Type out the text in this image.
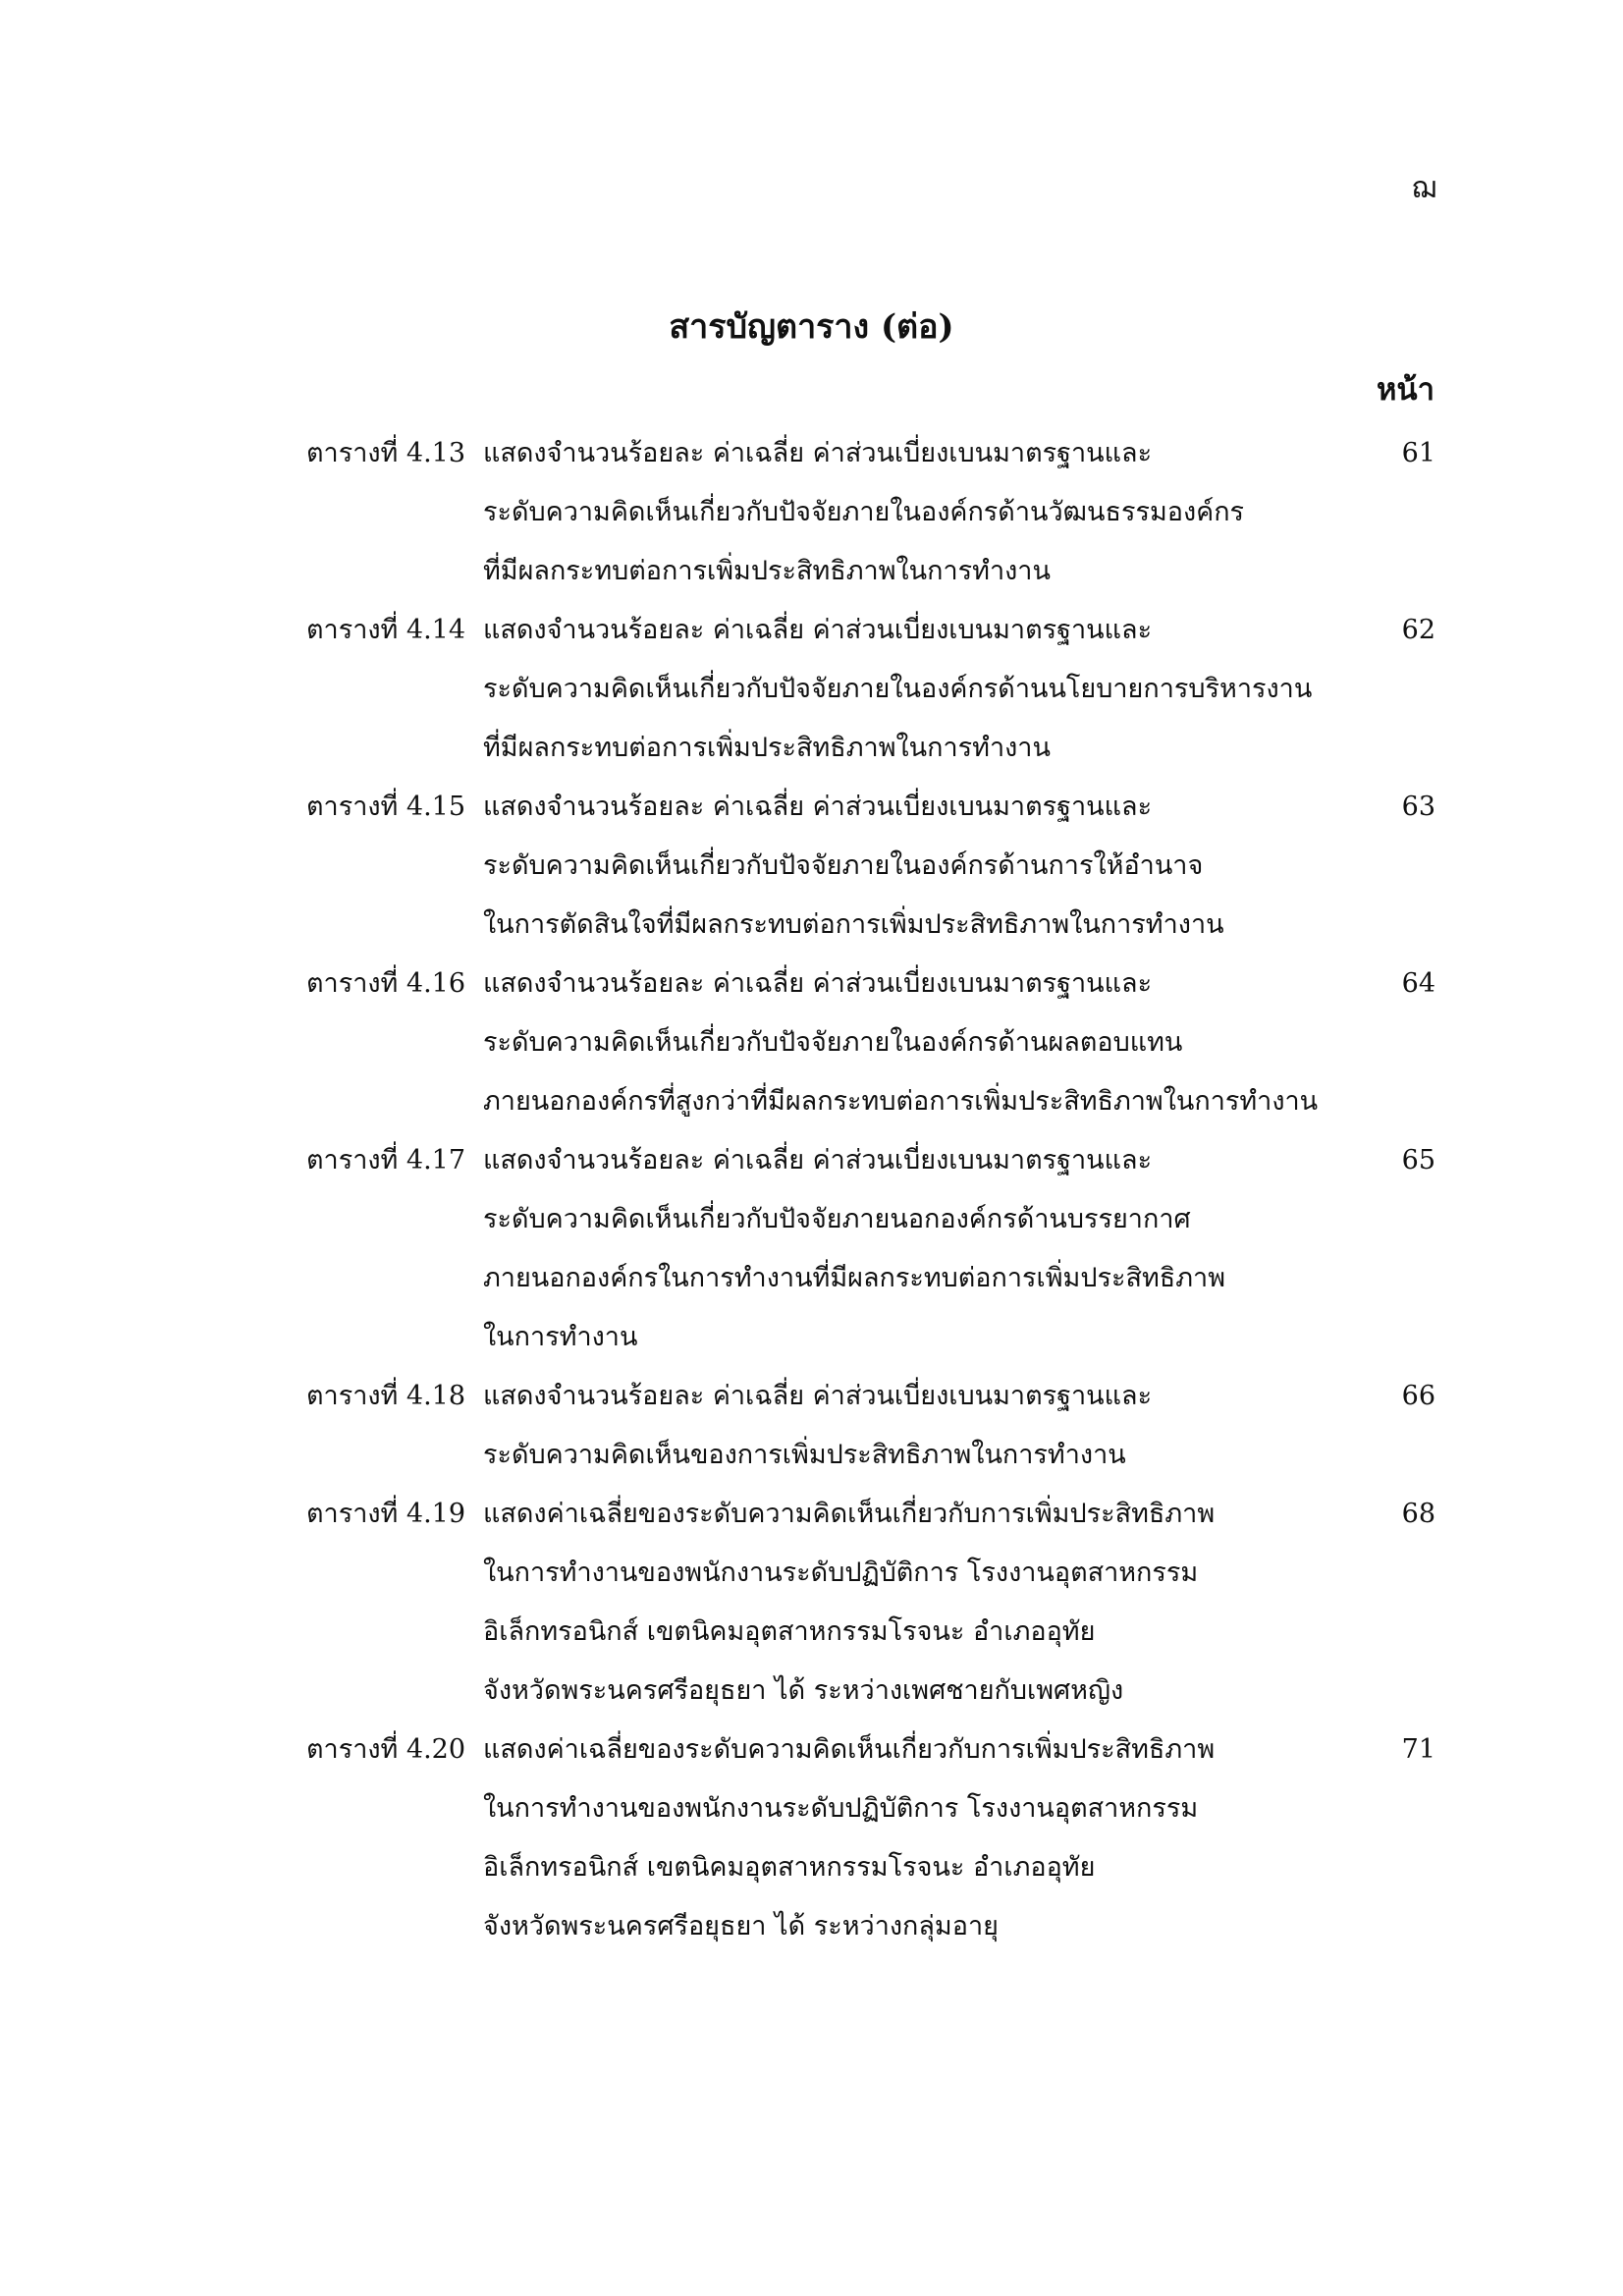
ฌ
สารบัญตาราง (ต่อ)
หน้า
ตารางที่ 4.13 แสดงจำนวนร้อยละ ค่าเฉลี่ย ค่าส่วนเบี่ยงเบนมาตรฐานและ
ระดับความคิดเห็นเกี่ยวกับปัจจัยภายในองค์กรด้านวัฒนธรรมองค์กร
ที่มีผลกระทบต่อการเพิ่มประสิทธิภาพในการทำงาน
61
ตารางที่ 4.14 แสดงจำนวนร้อยละ ค่าเฉลี่ย ค่าส่วนเบี่ยงเบนมาตรฐานและ
ระดับความคิดเห็นเกี่ยวกับปัจจัยภายในองค์กรด้านนโยบายการบริหารงาน
ที่มีผลกระทบต่อการเพิ่มประสิทธิภาพในการทำงาน
62
ตารางที่ 4.15 แสดงจำนวนร้อยละ ค่าเฉลี่ย ค่าส่วนเบี่ยงเบนมาตรฐานและ
ระดับความคิดเห็นเกี่ยวกับปัจจัยภายในองค์กรด้านการให้อำนาจ
ในการตัดสินใจที่มีผลกระทบต่อการเพิ่มประสิทธิภาพในการทำงาน
63
ตารางที่ 4.16 แสดงจำนวนร้อยละ ค่าเฉลี่ย ค่าส่วนเบี่ยงเบนมาตรฐานและ
ระดับความคิดเห็นเกี่ยวกับปัจจัยภายในองค์กรด้านผลตอบแทน
ภายนอกองค์กรที่สูงกว่าที่มีผลกระทบต่อการเพิ่มประสิทธิภาพในการทำงาน
64
ตารางที่ 4.17 แสดงจำนวนร้อยละ ค่าเฉลี่ย ค่าส่วนเบี่ยงเบนมาตรฐานและ
ระดับความคิดเห็นเกี่ยวกับปัจจัยภายนอกองค์กรด้านบรรยากาศ
ภายนอกองค์กรในการทำงานที่มีผลกระทบต่อการเพิ่มประสิทธิภาพ
ในการทำงาน
65
ตารางที่ 4.18 แสดงจำนวนร้อยละ ค่าเฉลี่ย ค่าส่วนเบี่ยงเบนมาตรฐานและ
ระดับความคิดเห็นของการเพิ่มประสิทธิภาพในการทำงาน
66
ตารางที่ 4.19 แสดงค่าเฉลี่ยของระดับความคิดเห็นเกี่ยวกับการเพิ่มประสิทธิภาพ
ในการทำงานของพนักงานระดับปฏิบัติการ โรงงานอุตสาหกรรม
อิเล็กทรอนิกส์ เขตนิคมอุตสาหกรรมโรจนะ อำเภออุทัย
จังหวัดพระนครศรีอยุธยา ได้ ระหว่างเพศชายกับเพศหญิง
68
ตารางที่ 4.20 แสดงค่าเฉลี่ยของระดับความคิดเห็นเกี่ยวกับการเพิ่มประสิทธิภาพ
ในการทำงานของพนักงานระดับปฏิบัติการ โรงงานอุตสาหกรรม
อิเล็กทรอนิกส์ เขตนิคมอุตสาหกรรมโรจนะ อำเภออุทัย
จังหวัดพระนครศรีอยุธยา ได้ ระหว่างกลุ่มอายุ
71
